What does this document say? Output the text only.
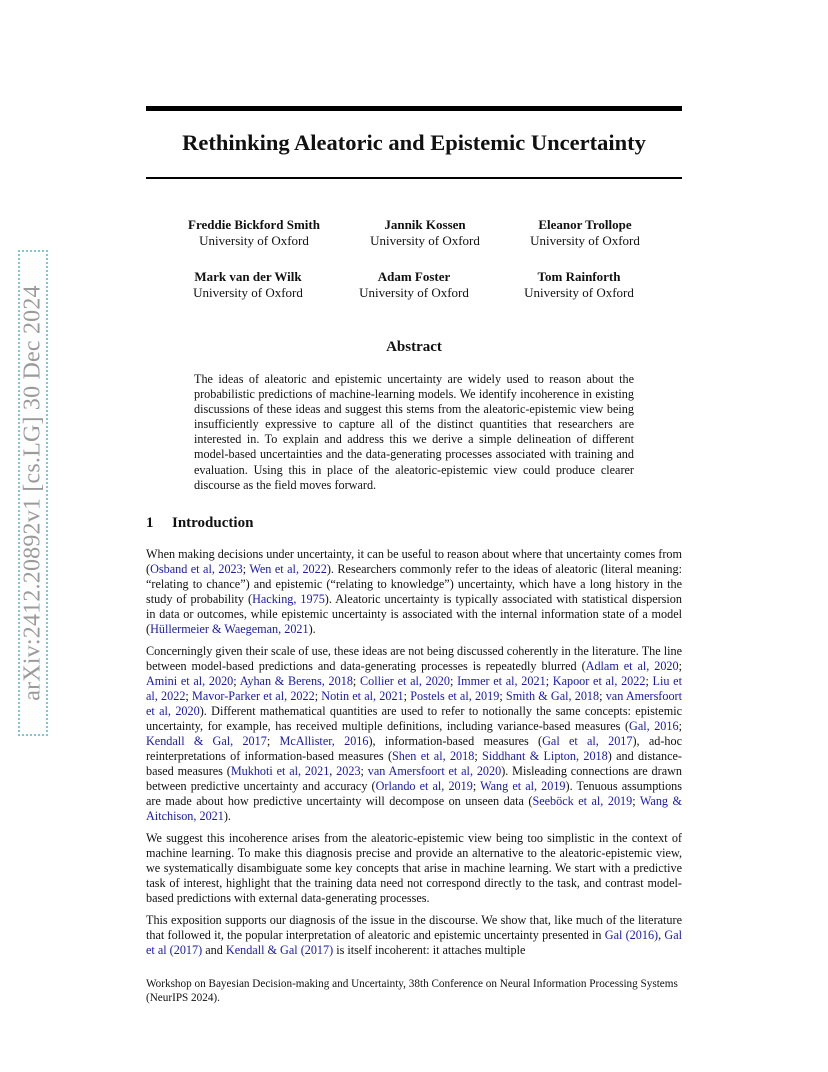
arXiv:2412.20892v1 [cs.LG] 30 Dec 2024
Rethinking Aleatoric and Epistemic Uncertainty
Freddie Bickford Smith
University of Oxford
Jannik Kossen
University of Oxford
Eleanor Trollope
University of Oxford
Mark van der Wilk
University of Oxford
Adam Foster
University of Oxford
Tom Rainforth
University of Oxford
Abstract
The ideas of aleatoric and epistemic uncertainty are widely used to reason about the probabilistic predictions of machine-learning models. We identify incoherence in existing discussions of these ideas and suggest this stems from the aleatoric-epistemic view being insufficiently expressive to capture all of the distinct quantities that researchers are interested in. To explain and address this we derive a simple delineation of different model-based uncertainties and the data-generating processes associated with training and evaluation. Using this in place of the aleatoric-epistemic view could produce clearer discourse as the field moves forward.
1 Introduction

When making decisions under uncertainty, it can be useful to reason about where that uncertainty comes from (Osband et al, 2023; Wen et al, 2022). Researchers commonly refer to the ideas of aleatoric (literal meaning: “relating to chance”) and epistemic (“relating to knowledge”) uncertainty, which have a long history in the study of probability (Hacking, 1975). Aleatoric uncertainty is typically associated with statistical dispersion in data or outcomes, while epistemic uncertainty is associated with the internal information state of a model (Hüllermeier & Waegeman, 2021).

Concerningly given their scale of use, these ideas are not being discussed coherently in the literature. The line between model-based predictions and data-generating processes is repeatedly blurred (Adlam et al, 2020; Amini et al, 2020; Ayhan & Berens, 2018; Collier et al, 2020; Immer et al, 2021; Kapoor et al, 2022; Liu et al, 2022; Mavor-Parker et al, 2022; Notin et al, 2021; Postels et al, 2019; Smith & Gal, 2018; van Amersfoort et al, 2020). Different mathematical quantities are used to refer to notionally the same concepts: epistemic uncertainty, for example, has received multiple definitions, including variance-based measures (Gal, 2016; Kendall & Gal, 2017; McAllister, 2016), information-based measures (Gal et al, 2017), ad-hoc reinterpretations of information-based measures (Shen et al, 2018; Siddhant & Lipton, 2018) and distance-based measures (Mukhoti et al, 2021, 2023; van Amersfoort et al, 2020). Misleading connections are drawn between predictive uncertainty and accuracy (Orlando et al, 2019; Wang et al, 2019). Tenuous assumptions are made about how predictive uncertainty will decompose on unseen data (Seeböck et al, 2019; Wang & Aitchison, 2021).

We suggest this incoherence arises from the aleatoric-epistemic view being too simplistic in the context of machine learning. To make this diagnosis precise and provide an alternative to the aleatoric-epistemic view, we systematically disambiguate some key concepts that arise in machine learning. We start with a predictive task of interest, highlight that the training data need not correspond directly to the task, and contrast model-based predictions with external data-generating processes.

This exposition supports our diagnosis of the issue in the discourse. We show that, like much of the literature that followed it, the popular interpretation of aleatoric and epistemic uncertainty presented in Gal (2016), Gal et al (2017) and Kendall & Gal (2017) is itself incoherent: it attaches multiple

Workshop on Bayesian Decision-making and Uncertainty, 38th Conference on Neural Information Processing Systems (NeurIPS 2024).
